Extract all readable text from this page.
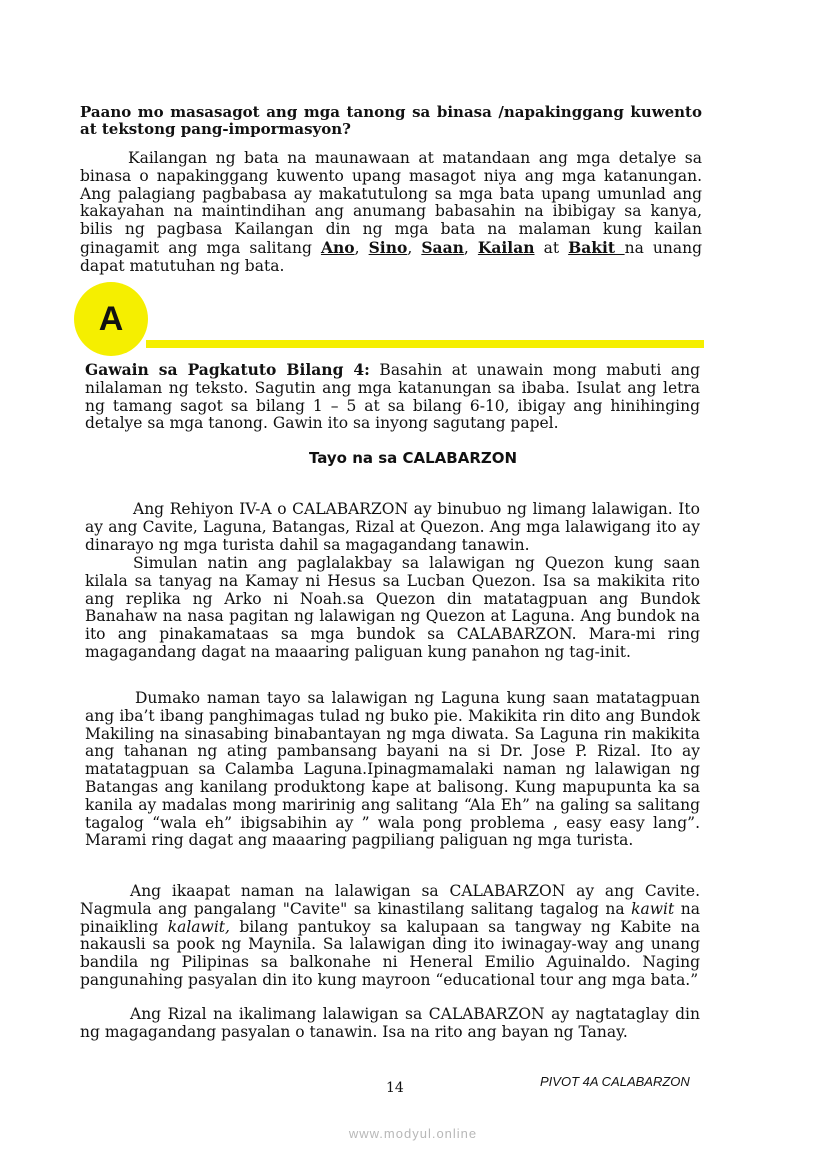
Paano mo masasagot ang mga tanong sa binasa /napakinggang kuwento at tekstong pang-impormasyon?
Kailangan ng bata na maunawaan at matandaan ang mga detalye sa binasa o napakinggang kuwento upang masagot niya ang mga katanungan. Ang palagiang pagbabasa ay makatutulong sa mga bata upang umunlad ang kakayahan na maintindihan ang anumang babasahin na ibibigay sa kanya, bilis ng pagbasa Kailangan din ng mga bata na malaman kung kailan ginagamit ang mga salitang Ano, Sino, Saan, Kailan at Bakit na unang dapat matutuhan ng bata.
A
Gawain sa Pagkatuto Bilang 4: Basahin at unawain mong mabuti ang nilalaman ng teksto. Sagutin ang mga katanungan sa ibaba. Isulat ang letra ng tamang sagot sa bilang 1 – 5 at sa bilang 6-10, ibigay ang hinihinging detalye sa mga tanong. Gawin ito sa inyong sagutang papel.
Tayo na sa CALABARZON
Ang Rehiyon IV-A o CALABARZON ay binubuo ng limang lalawigan. Ito ay ang Cavite, Laguna, Batangas, Rizal at Quezon. Ang mga lalawigang ito ay dinarayo ng mga turista dahil sa magagandang tanawin.
Simulan natin ang paglalakbay sa lalawigan ng Quezon kung saan kilala sa tanyag na Kamay ni Hesus sa Lucban Quezon. Isa sa makikita rito ang replika ng Arko ni Noah.sa Quezon din matatagpuan ang Bundok Banahaw na nasa pagitan ng lalawigan ng Quezon at Laguna. Ang bundok na ito ang pinakamataas sa mga bundok sa CALABARZON. Mara-mi ring magagandang dagat na maaaring paliguan kung panahon ng tag-init.
Dumako naman tayo sa lalawigan ng Laguna kung saan matatagpuan ang iba’t ibang panghimagas tulad ng buko pie. Makikita rin dito ang Bundok Makiling na sinasabing binabantayan ng mga diwata. Sa Laguna rin makikita ang tahanan ng ating pambansang bayani na si Dr. Jose P. Rizal. Ito ay matatagpuan sa Calamba Laguna.Ipinagmamalaki naman ng lalawigan ng Batangas ang kanilang produktong kape at balisong. Kung mapupunta ka sa kanila ay madalas mong maririnig ang salitang “Ala Eh” na galing sa salitang tagalog “wala eh” ibigsabihin ay ” wala pong problema , easy easy lang”. Marami ring dagat ang maaaring pagpiliang paliguan ng mga turista.
Ang ikaapat naman na lalawigan sa CALABARZON ay ang Cavite. Nagmula ang pangalang "Cavite" sa kinastilang salitang tagalog na kawit na pinaikling kalawit, bilang pantukoy sa kalupaan sa tangway ng Kabite na nakausli sa pook ng Maynila. Sa lalawigan ding ito iwinagay-way ang unang bandila ng Pilipinas sa balkonahe ni Heneral Emilio Aguinaldo. Naging pangunahing pasyalan din ito kung mayroon “educational tour ang mga bata.”
Ang Rizal na ikalimang lalawigan sa CALABARZON ay nagtataglay din ng magagandang pasyalan o tanawin. Isa na rito ang bayan ng Tanay.
14	PIVOT 4A CALABARZON
www.modyul.online
